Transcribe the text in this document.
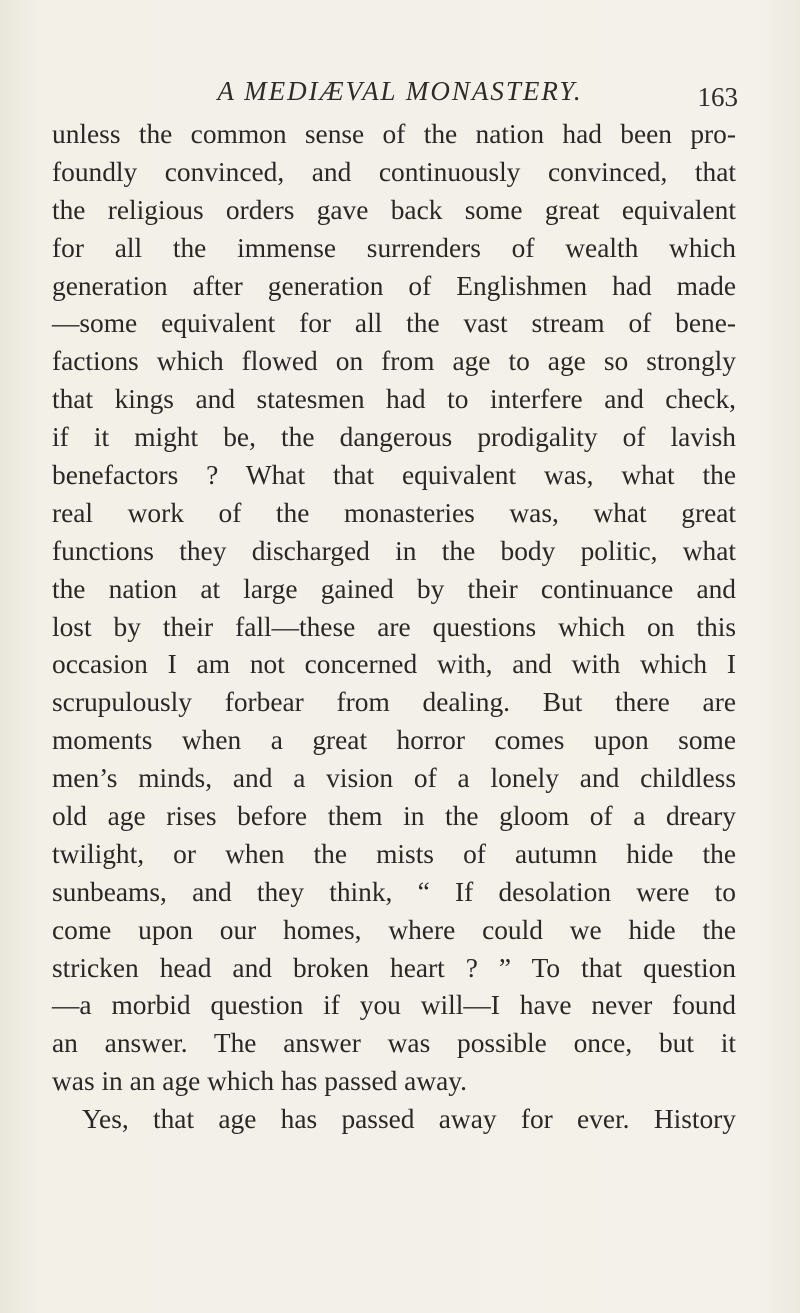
A MEDIÆVAL MONASTERY.	163
unless the common sense of the nation had been pro-
foundly convinced, and continuously convinced, that
the religious orders gave back some great equivalent
for all the immense surrenders of wealth which
generation after generation of Englishmen had made
—some equivalent for all the vast stream of bene-
factions which flowed on from age to age so strongly
that kings and statesmen had to interfere and check,
if it might be, the dangerous prodigality of lavish
benefactors ? What that equivalent was, what the
real work of the monasteries was, what great
functions they discharged in the body politic, what
the nation at large gained by their continuance and
lost by their fall—these are questions which on this
occasion I am not concerned with, and with which I
scrupulously forbear from dealing. But there are
moments when a great horror comes upon some
men’s minds, and a vision of a lonely and childless
old age rises before them in the gloom of a dreary
twilight, or when the mists of autumn hide the
sunbeams, and they think, “ If desolation were to
come upon our homes, where could we hide the
stricken head and broken heart ? ” To that question
—a morbid question if you will—I have never found
an answer. The answer was possible once, but it
was in an age which has passed away.
Yes, that age has passed away for ever. History
